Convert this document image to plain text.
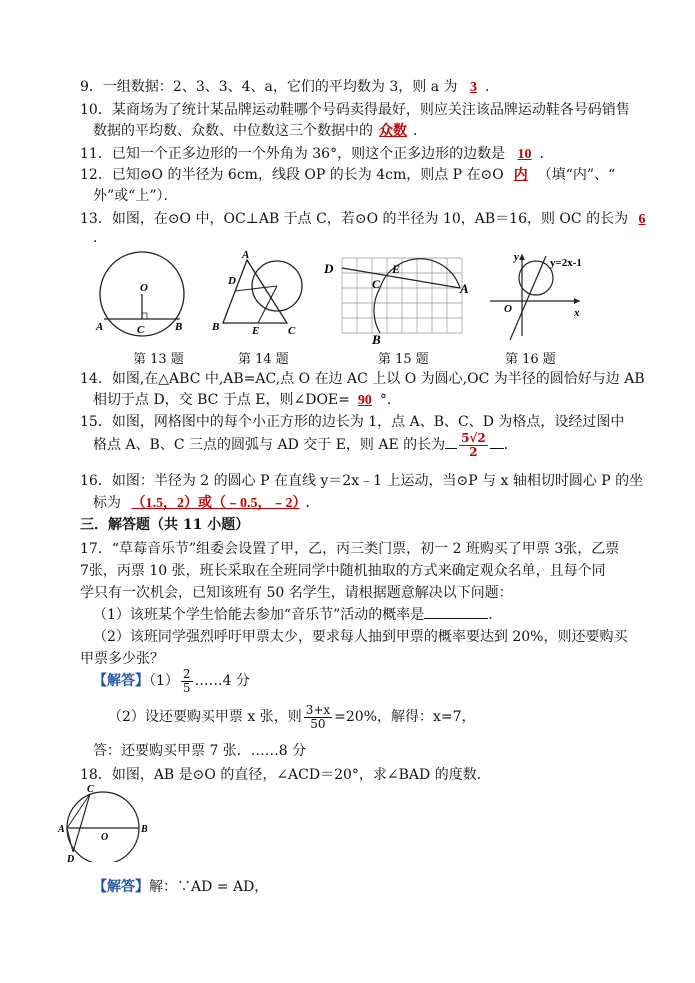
9．一组数据：2、3、3、4、a，它们的平均数为 3，则 a 为 3 ．
10．某商场为了统计某品牌运动鞋哪个号码卖得最好，则应关注该品牌运动鞋各号码销售
数据的平均数、众数、中位数这三个数据中的 众数 ．
11．已知一个正多边形的一个外角为 36°，则这个正多边形的边数是 10 ．
12．已知⊙O 的半径为 6cm，线段 OP 的长为 4cm，则点 P 在⊙O 内 （填“内”、“
外”或“上”）．
13．如图，在⊙O 中，OC⊥AB 于点 C，若⊙O 的半径为 10，AB＝16，则 OC 的长为 6
．
O
A	B
C
A
B	C
D
E
D	E
C	A
B
y
x
O
y=2x-1
第 13 题	第 14 题	第 15 题	第 16 题
14．如图,在△ABC 中,AB=AC,点 O 在边 AC 上以 O 为圆心,OC 为半径的圆恰好与边 AB
相切于点 D，交 BC 于点 E，则∠DOE= 90 °．
15．如图，网格图中的每个小正方形的边长为 1，点 A、B、C、D 为格点，设经过图中
格点 A、B、C 三点的圆弧与 AD 交于 E，则 AE 的长为 $\frac{5√2}{2}$ ．
16．如图：半径为 2 的圆心 P 在直线 y＝2x﹣1 上运动，当⊙P 与 x 轴相切时圆心 P 的坐
标为 （1.5，2）或（﹣0.5，﹣2） ．
三．解答题（共 11 小题）
17．“草莓音乐节”组委会设置了甲，乙，丙三类门票，初一 2 班购买了甲票 3张，乙票
7张，丙票 10 张，班长采取在全班同学中随机抽取的方式来确定观众名单，且每个同
学只有一次机会，已知该班有 50 名学生，请根据题意解决以下问题：
（1）该班某个学生恰能去参加“音乐节”活动的概率是	.
（2）该班同学强烈呼吁甲票太少，要求每人抽到甲票的概率要达到 20%，则还要购买
甲票多少张？
【解答】$(1) \frac{2}{5}$ ……4 分
（2）设还要购买甲票 x 张，则 $\frac{3+x}{50} =20\%$，解得：x=7，
答：还要购买甲票 7 张．……8 分
18．如图，AB 是⊙O 的直径，∠ACD＝20°，求∠BAD 的度数．
C
A	B
D
O
【解答】解：∵AD = AD，
